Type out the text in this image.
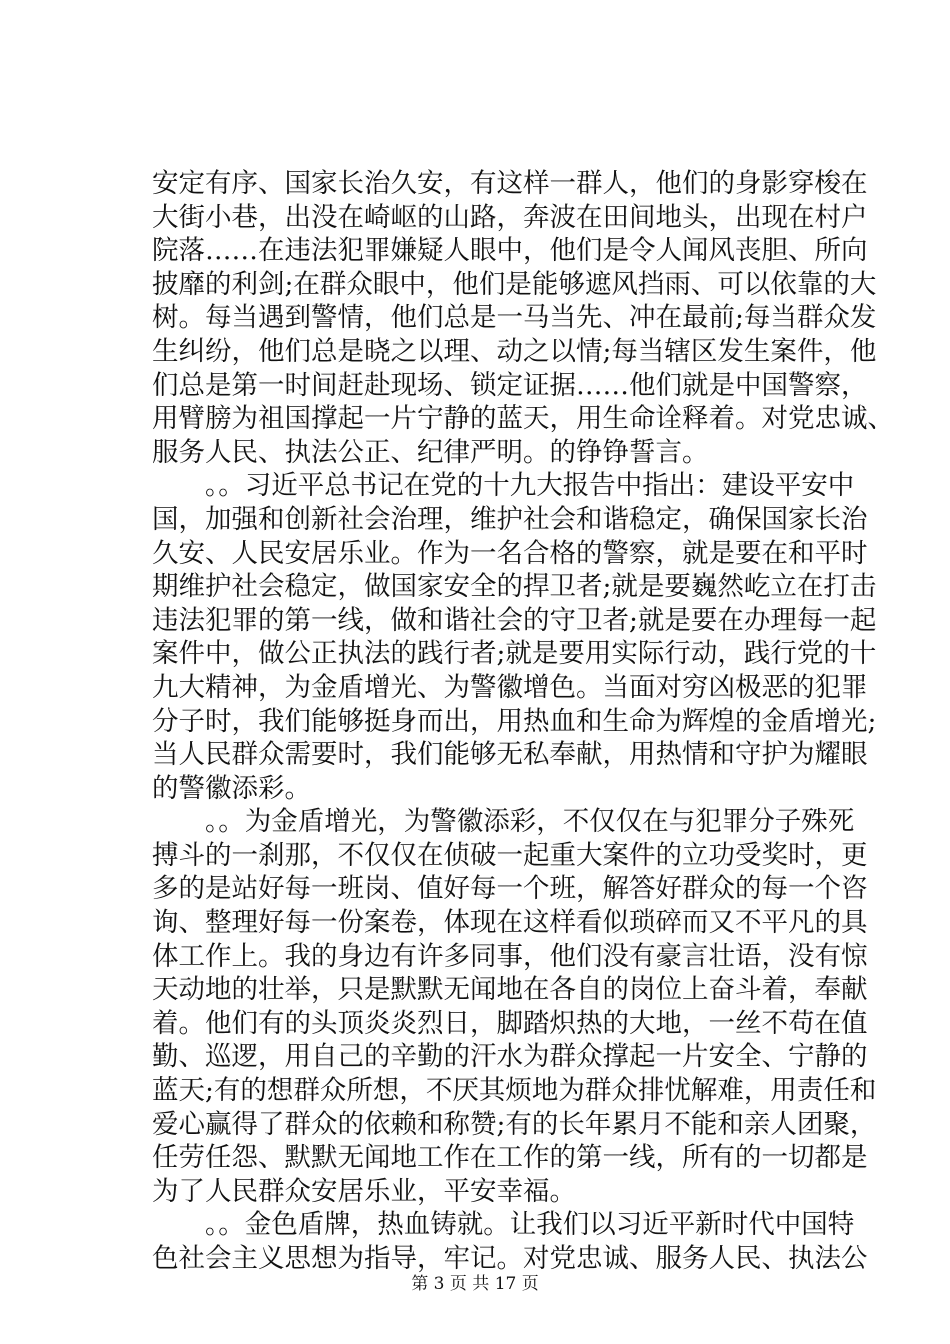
安定有序、国家长治久安，有这样一群人，他们的身影穿梭在
大街小巷，出没在崎岖的山路，奔波在田间地头，出现在村户
院落……在违法犯罪嫌疑人眼中，他们是令人闻风丧胆、所向
披靡的利剑;在群众眼中，他们是能够遮风挡雨、可以依靠的大
树。每当遇到警情，他们总是一马当先、冲在最前;每当群众发
生纠纷，他们总是晓之以理、动之以情;每当辖区发生案件，他
们总是第一时间赶赴现场、锁定证据……他们就是中国警察，
用臂膀为祖国撑起一片宁静的蓝天，用生命诠释着。对党忠诚、
服务人民、执法公正、纪律严明。的铮铮誓言。
　　。。习近平总书记在党的十九大报告中指出：建设平安中
国，加强和创新社会治理，维护社会和谐稳定，确保国家长治
久安、人民安居乐业。作为一名合格的警察，就是要在和平时
期维护社会稳定，做国家安全的捍卫者;就是要巍然屹立在打击
违法犯罪的第一线，做和谐社会的守卫者;就是要在办理每一起
案件中，做公正执法的践行者;就是要用实际行动，践行党的十
九大精神，为金盾增光、为警徽增色。当面对穷凶极恶的犯罪
分子时，我们能够挺身而出，用热血和生命为辉煌的金盾增光;
当人民群众需要时，我们能够无私奉献，用热情和守护为耀眼
的警徽添彩。
　　。。为金盾增光，为警徽添彩，不仅仅在与犯罪分子殊死
搏斗的一刹那，不仅仅在侦破一起重大案件的立功受奖时，更
多的是站好每一班岗、值好每一个班，解答好群众的每一个咨
询、整理好每一份案卷，体现在这样看似琐碎而又不平凡的具
体工作上。我的身边有许多同事，他们没有豪言壮语，没有惊
天动地的壮举，只是默默无闻地在各自的岗位上奋斗着，奉献
着。他们有的头顶炎炎烈日，脚踏炽热的大地，一丝不苟在值
勤、巡逻，用自己的辛勤的汗水为群众撑起一片安全、宁静的
蓝天;有的想群众所想，不厌其烦地为群众排忧解难，用责任和
爱心赢得了群众的依赖和称赞;有的长年累月不能和亲人团聚，
任劳任怨、默默无闻地工作在工作的第一线，所有的一切都是
为了人民群众安居乐业，平安幸福。
　　。。金色盾牌，热血铸就。让我们以习近平新时代中国特
色社会主义思想为指导，牢记。对党忠诚、服务人民、执法公
第 3 页 共 17 页
